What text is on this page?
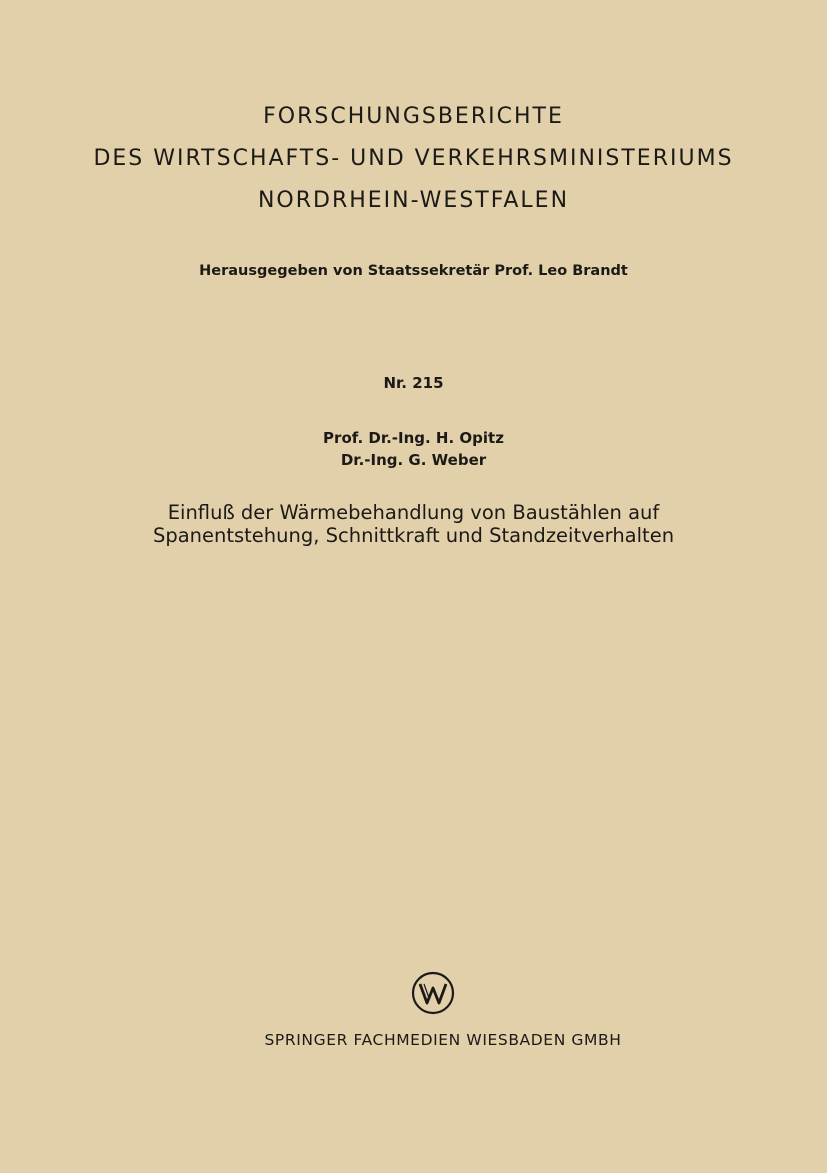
FORSCHUNGSBERICHTE
DES WIRTSCHAFTS- UND VERKEHRSMINISTERIUMS
NORDRHEIN-WESTFALEN
Herausgegeben von Staatssekretär Prof. Leo Brandt
Nr. 215
Prof. Dr.-Ing. H. Opitz
Dr.-Ing. G. Weber
Einfluß der Wärmebehandlung von Baustählen auf
Spanentstehung, Schnittkraft und Standzeitverhalten
SPRINGER FACHMEDIEN WIESBADEN GMBH
